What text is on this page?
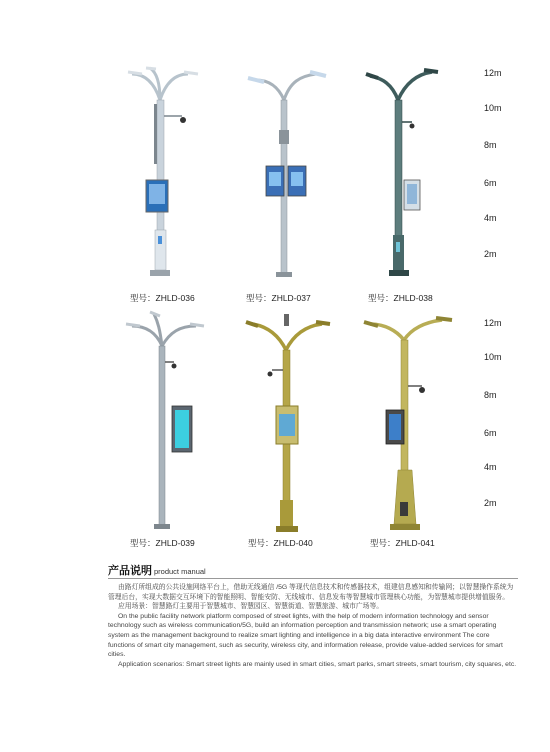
12m
10m
8m
6m
4m
2m
12m
10m
8m
6m
4m
2m
型号：ZHLD-036	型号：ZHLD-037	型号：ZHLD-038
型号：ZHLD-039	型号：ZHLD-040	型号：ZHLD-041
产品说明 product manual

由路灯所组成的公共设施网络平台上，借助无线通信 /5G 等现代信息技术和传感器技术，组建信息感知和传输网；以智慧操作系统为管理后台，实现大数据交互环境下的智能照明、智能安防、无线城市、信息发布等智慧城市管理核心功能，为智慧城市提供增值服务。

应用场景：智慧路灯主要用于智慧城市、智慧园区、智慧街道、智慧旅游、城市广场等。

On the public facility network platform composed of street lights, with the help of modern information technology and sensor technology such as wireless communication/5G, build an information perception and transmission network; use a smart operating system as the management background to realize smart lighting and intelligence in a big data interactive environment The core functions of smart city management, such as security, wireless city, and information release, provide value-added services for smart cities.

Application scenarios: Smart street lights are mainly used in smart cities, smart parks, smart streets, smart tourism, city squares, etc.
